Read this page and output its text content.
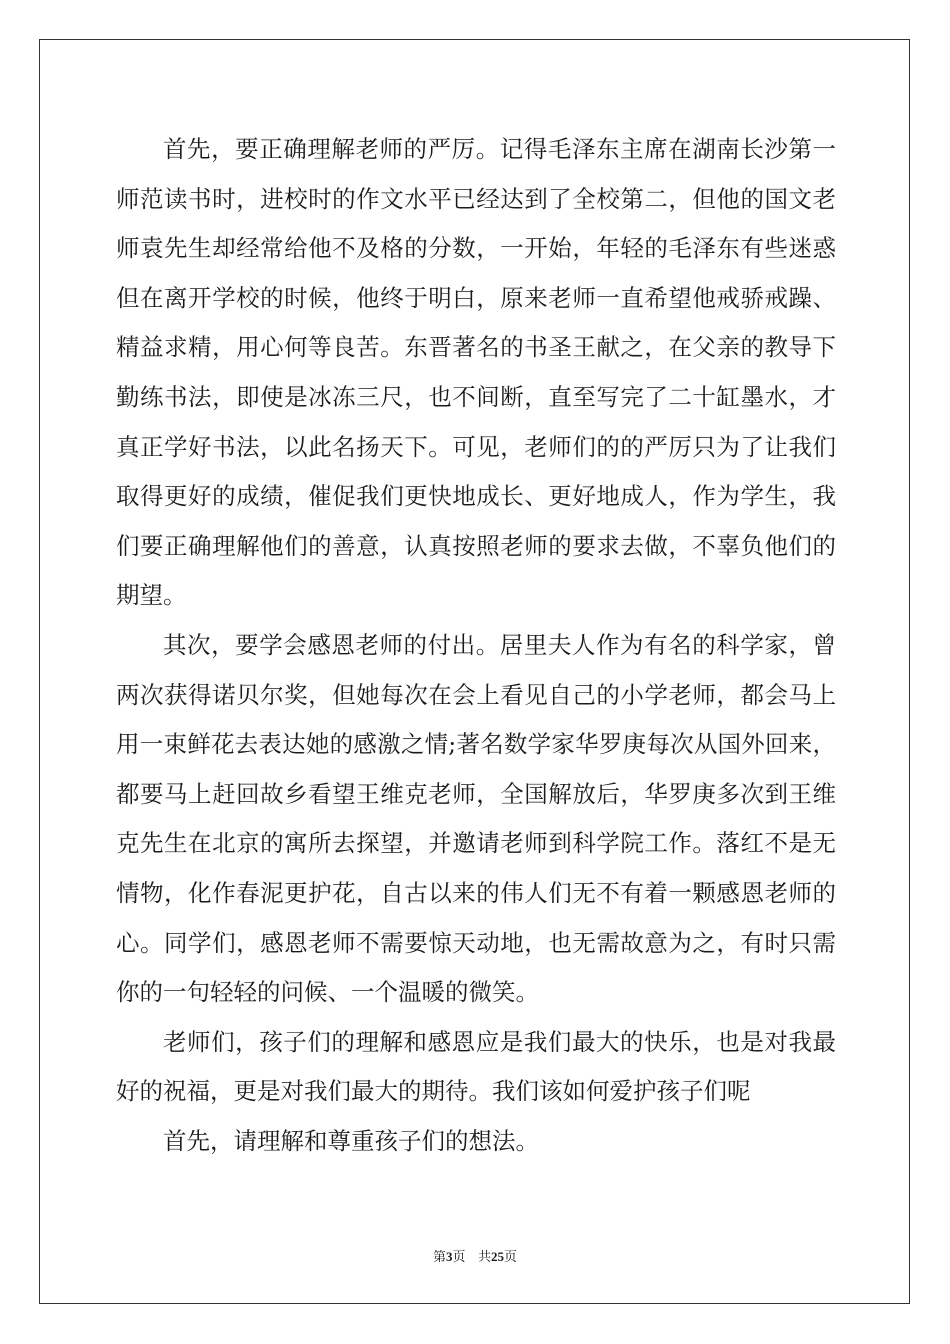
首先，要正确理解老师的严厉。记得毛泽东主席在湖南长沙第一师范读书时，进校时的作文水平已经达到了全校第二，但他的国文老师袁先生却经常给他不及格的分数，一开始，年轻的毛泽东有些迷惑但在离开学校的时候，他终于明白，原来老师一直希望他戒骄戒躁、精益求精，用心何等良苦。东晋著名的书圣王献之，在父亲的教导下勤练书法，即使是冰冻三尺，也不间断，直至写完了二十缸墨水，才真正学好书法，以此名扬天下。可见，老师们的的严厉只为了让我们取得更好的成绩，催促我们更快地成长、更好地成人，作为学生，我们要正确理解他们的善意，认真按照老师的要求去做，不辜负他们的期望。

其次，要学会感恩老师的付出。居里夫人作为有名的科学家，曾两次获得诺贝尔奖，但她每次在会上看见自己的小学老师，都会马上用一束鲜花去表达她的感激之情;著名数学家华罗庚每次从国外回来，都要马上赶回故乡看望王维克老师，全国解放后，华罗庚多次到王维克先生在北京的寓所去探望，并邀请老师到科学院工作。落红不是无情物，化作春泥更护花，自古以来的伟人们无不有着一颗感恩老师的心。同学们，感恩老师不需要惊天动地，也无需故意为之，有时只需你的一句轻轻的问候、一个温暖的微笑。

老师们，孩子们的理解和感恩应是我们最大的快乐，也是对我最好的祝福，更是对我们最大的期待。我们该如何爱护孩子们呢

首先，请理解和尊重孩子们的想法。

第3页 共25页
